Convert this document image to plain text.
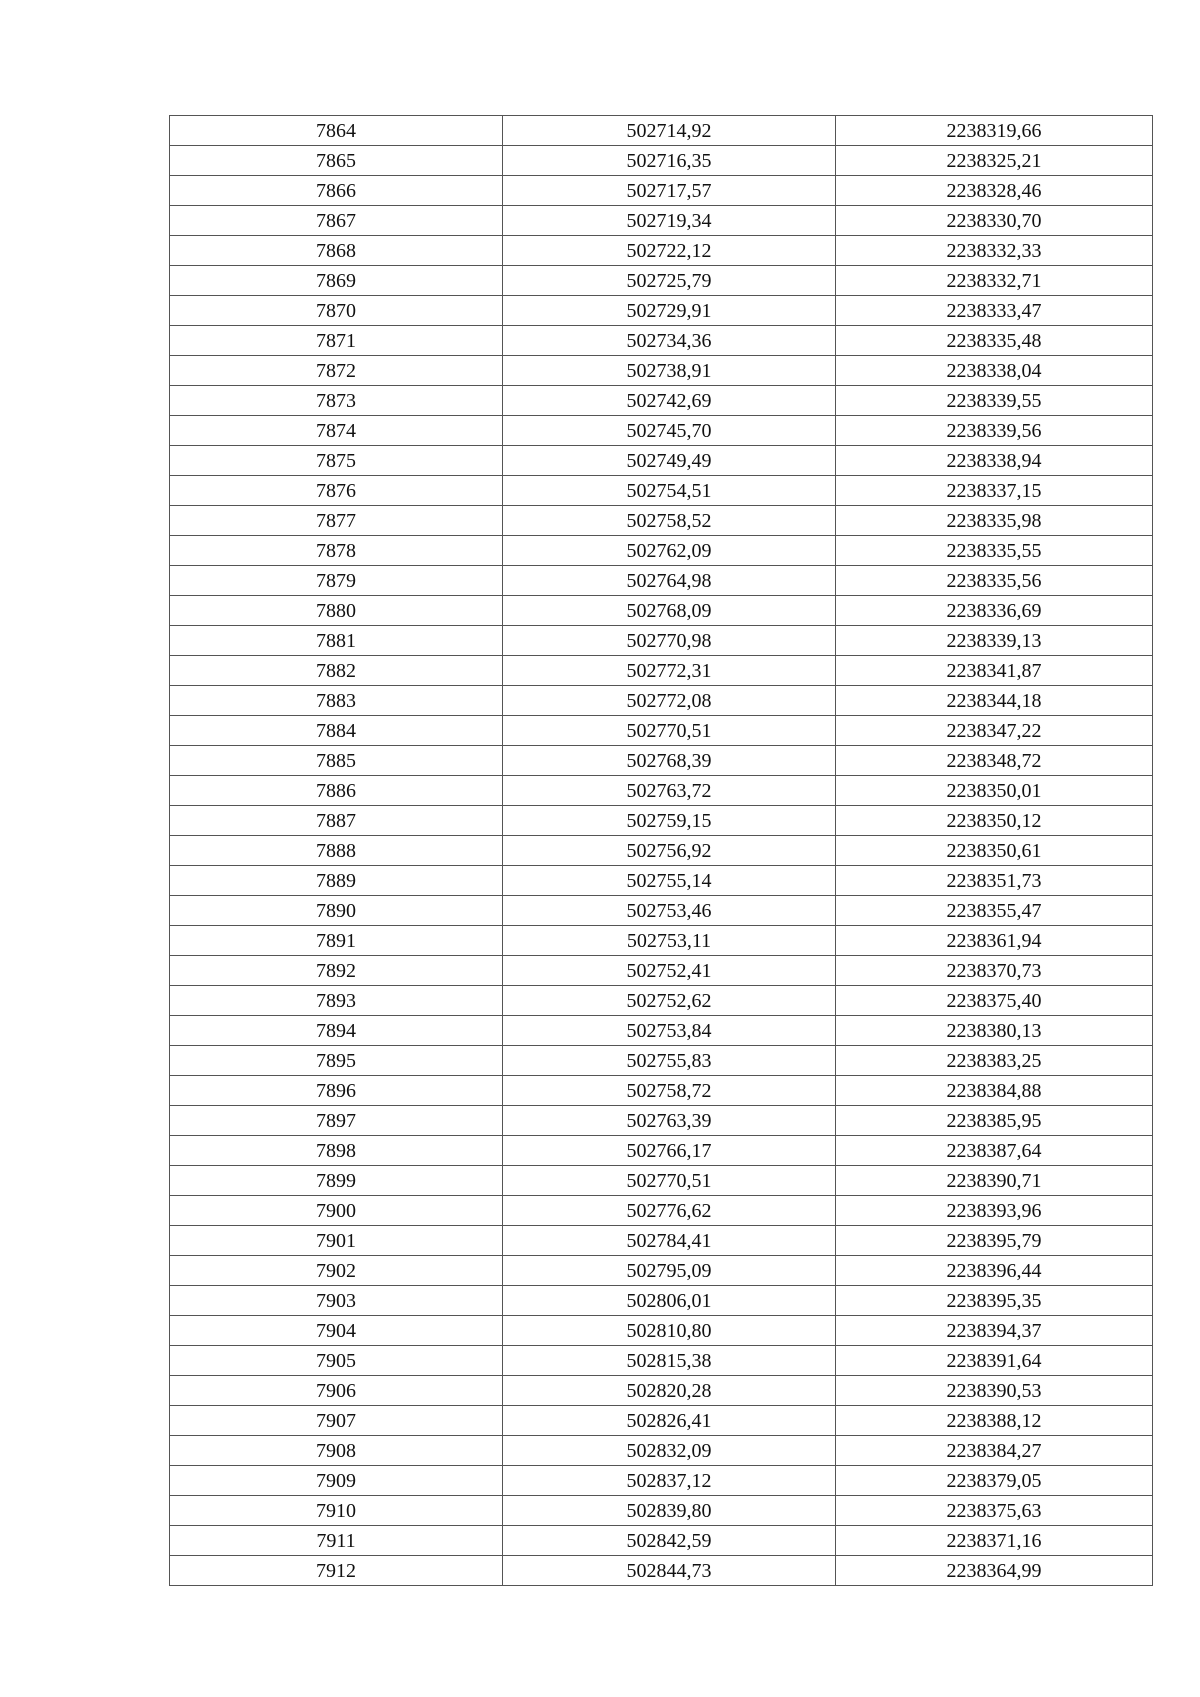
7864	502714,92	2238319,66
7865	502716,35	2238325,21
7866	502717,57	2238328,46
7867	502719,34	2238330,70
7868	502722,12	2238332,33
7869	502725,79	2238332,71
7870	502729,91	2238333,47
7871	502734,36	2238335,48
7872	502738,91	2238338,04
7873	502742,69	2238339,55
7874	502745,70	2238339,56
7875	502749,49	2238338,94
7876	502754,51	2238337,15
7877	502758,52	2238335,98
7878	502762,09	2238335,55
7879	502764,98	2238335,56
7880	502768,09	2238336,69
7881	502770,98	2238339,13
7882	502772,31	2238341,87
7883	502772,08	2238344,18
7884	502770,51	2238347,22
7885	502768,39	2238348,72
7886	502763,72	2238350,01
7887	502759,15	2238350,12
7888	502756,92	2238350,61
7889	502755,14	2238351,73
7890	502753,46	2238355,47
7891	502753,11	2238361,94
7892	502752,41	2238370,73
7893	502752,62	2238375,40
7894	502753,84	2238380,13
7895	502755,83	2238383,25
7896	502758,72	2238384,88
7897	502763,39	2238385,95
7898	502766,17	2238387,64
7899	502770,51	2238390,71
7900	502776,62	2238393,96
7901	502784,41	2238395,79
7902	502795,09	2238396,44
7903	502806,01	2238395,35
7904	502810,80	2238394,37
7905	502815,38	2238391,64
7906	502820,28	2238390,53
7907	502826,41	2238388,12
7908	502832,09	2238384,27
7909	502837,12	2238379,05
7910	502839,80	2238375,63
7911	502842,59	2238371,16
7912	502844,73	2238364,99
